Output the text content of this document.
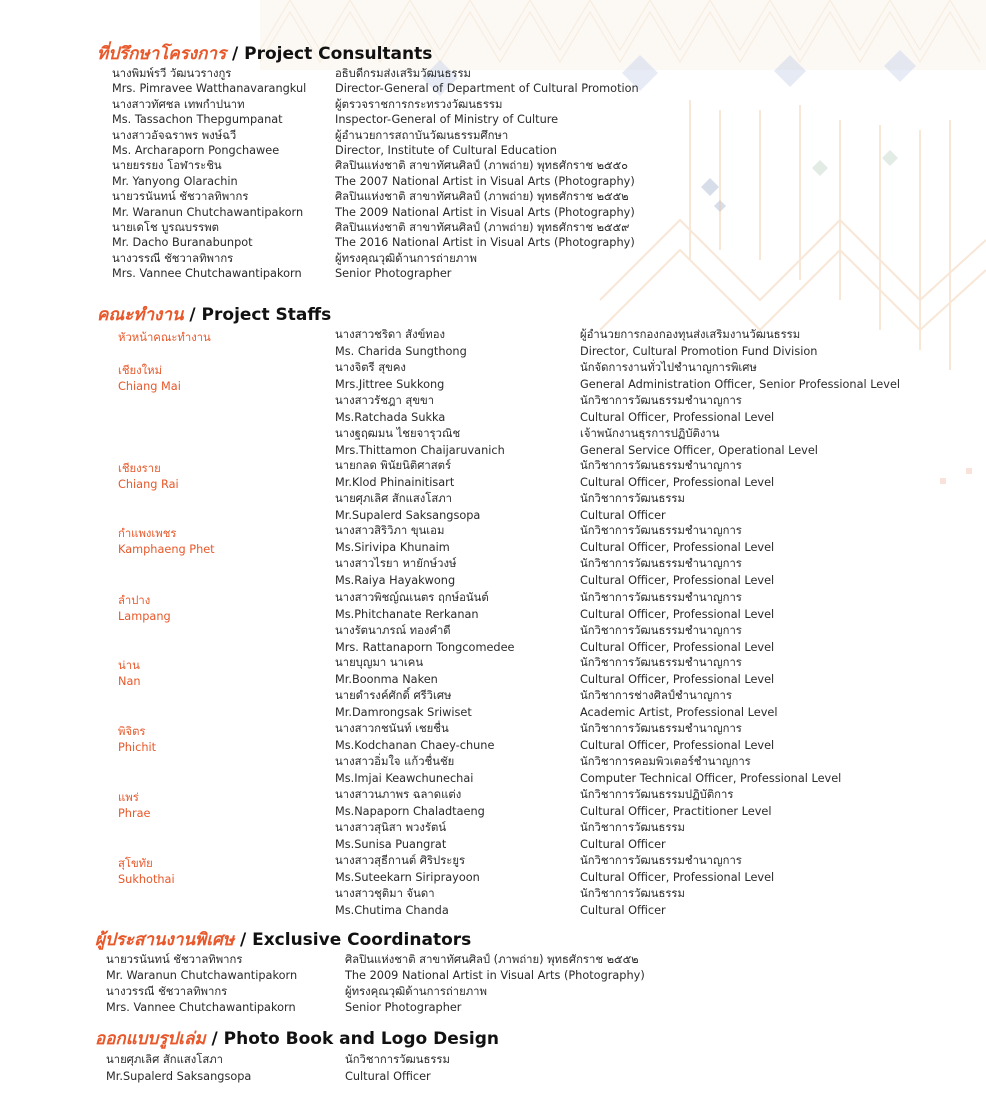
ที่ปรึกษาโครงการ / Project Consultants
นางพิมพ์รวี วัฒนวรางกูร	อธิบดีกรมส่งเสริมวัฒนธรรม
Mrs. Pimravee Watthanavarangkul	Director-General of Department of Cultural Promotion
นางสาวทัศชล เทพกำปนาท	ผู้ตรวจราชการกระทรวงวัฒนธรรม
Ms. Tassachon Thepgumpanat	Inspector-General of Ministry of Culture
นางสาวอัจฉราพร พงษ์ฉวี	ผู้อำนวยการสถาบันวัฒนธรรมศึกษา
Ms. Archaraporn Pongchawee	Director, Institute of Cultural Education
นายยรรยง โอฬาระชิน	ศิลปินแห่งชาติ สาขาทัศนศิลป์ (ภาพถ่าย) พุทธศักราช ๒๕๕๐
Mr. Yanyong Olarachin	The 2007 National Artist in Visual Arts (Photography)
นายวรนันทน์ ชัชวาลทิพากร	ศิลปินแห่งชาติ สาขาทัศนศิลป์ (ภาพถ่าย) พุทธศักราช ๒๕๕๒
Mr. Waranun Chutchawantipakorn	The 2009 National Artist in Visual Arts (Photography)
นายเดโช บูรณบรรพต	ศิลปินแห่งชาติ สาขาทัศนศิลป์ (ภาพถ่าย) พุทธศักราช ๒๕๕๙
Mr. Dacho Buranabunpot	The 2016 National Artist in Visual Arts (Photography)
นางวรรณี ชัชวาลทิพากร	ผู้ทรงคุณวุฒิด้านการถ่ายภาพ
Mrs. Vannee Chutchawantipakorn	Senior Photographer
คณะทำงาน / Project Staffs
หัวหน้าคณะทำงาน	นางสาวชริดา สังข์ทอง	ผู้อำนวยการกองกองทุนส่งเสริมงานวัฒนธรรม
Ms. Charida Sungthong	Director, Cultural Promotion Fund Division
เชียงใหม่
Chiang Mai
นางจิตรี สุขคง	นักจัดการงานทั่วไปชำนาญการพิเศษ
Mrs.Jittree Sukkong	General Administration Officer, Senior Professional Level
นางสาวรัชฎา สุขขา	นักวิชาการวัฒนธรรมชำนาญการ
Ms.Ratchada Sukka	Cultural Officer, Professional Level
นางฐฤฒมน ไชยจารุวณิช	เจ้าพนักงานธุรการปฏิบัติงาน
Mrs.Thittamon Chaijaruvanich	General Service Officer, Operational Level
เชียงราย
Chiang Rai
นายกลด พินัยนิติศาสตร์	นักวิชาการวัฒนธรรมชำนาญการ
Mr.Klod Phinainitisart	Cultural Officer, Professional Level
นายศุภเลิศ สักแสงโสภา	นักวิชาการวัฒนธรรม
Mr.Supalerd Saksangsopa	Cultural Officer
กำแพงเพชร
Kamphaeng Phet
นางสาวสิริวิภา ขุนเอม	นักวิชาการวัฒนธรรมชำนาญการ
Ms.Sirivipa Khunaim	Cultural Officer, Professional Level
นางสาวไรยา หายักษ์วงษ์	นักวิชาการวัฒนธรรมชำนาญการ
Ms.Raiya Hayakwong	Cultural Officer, Professional Level
ลำปาง
Lampang
นางสาวพิชญ์ณเนตร ฤกษ์อนันต์	นักวิชาการวัฒนธรรมชำนาญการ
Ms.Phitchanate Rerkanan	Cultural Officer, Professional Level
นางรัตนาภรณ์ ทองคำดี	นักวิชาการวัฒนธรรมชำนาญการ
Mrs. Rattanaporn Tongcomedee	Cultural Officer, Professional Level
น่าน
Nan
นายบุญมา นาเคน	นักวิชาการวัฒนธรรมชำนาญการ
Mr.Boonma Naken	Cultural Officer, Professional Level
นายดำรงค์ศักดิ์ ศรีวิเศษ	นักวิชาการช่างศิลป์ชำนาญการ
Mr.Damrongsak Sriwiset	Academic Artist, Professional Level
พิจิตร
Phichit
นางสาวกชนันท์ เชยชื่น	นักวิชาการวัฒนธรรมชำนาญการ
Ms.Kodchanan Chaey-chune	Cultural Officer, Professional Level
นางสาวอิ่มใจ แก้วชื่นชัย	นักวิชาการคอมพิวเตอร์ชำนาญการ
Ms.Imjai Keawchunechai	Computer Technical Officer, Professional Level
แพร่
Phrae
นางสาวนภาพร ฉลาดแต่ง	นักวิชาการวัฒนธรรมปฏิบัติการ
Ms.Napaporn Chaladtaeng	Cultural Officer, Practitioner Level
นางสาวสุนิสา พวงรัตน์	นักวิชาการวัฒนธรรม
Ms.Sunisa Puangrat	Cultural Officer
สุโขทัย
Sukhothai
นางสาวสุธีกานต์ ศิริประยูร	นักวิชาการวัฒนธรรมชำนาญการ
Ms.Suteekarn Siriprayoon	Cultural Officer, Professional Level
นางสาวชุติมา จันดา	นักวิชาการวัฒนธรรม
Ms.Chutima Chanda	Cultural Officer
ผู้ประสานงานพิเศษ / Exclusive Coordinators
นายวรนันทน์ ชัชวาลทิพากร	ศิลปินแห่งชาติ สาขาทัศนศิลป์ (ภาพถ่าย) พุทธศักราช ๒๕๕๒
Mr. Waranun Chutchawantipakorn	The 2009 National Artist in Visual Arts (Photography)
นางวรรณี ชัชวาลทิพากร	ผู้ทรงคุณวุฒิด้านการถ่ายภาพ
Mrs. Vannee Chutchawantipakorn	Senior Photographer
ออกแบบรูปเล่ม / Photo Book and Logo Design
นายศุภเลิศ สักแสงโสภา	นักวิชาการวัฒนธรรม
Mr.Supalerd Saksangsopa	Cultural Officer
